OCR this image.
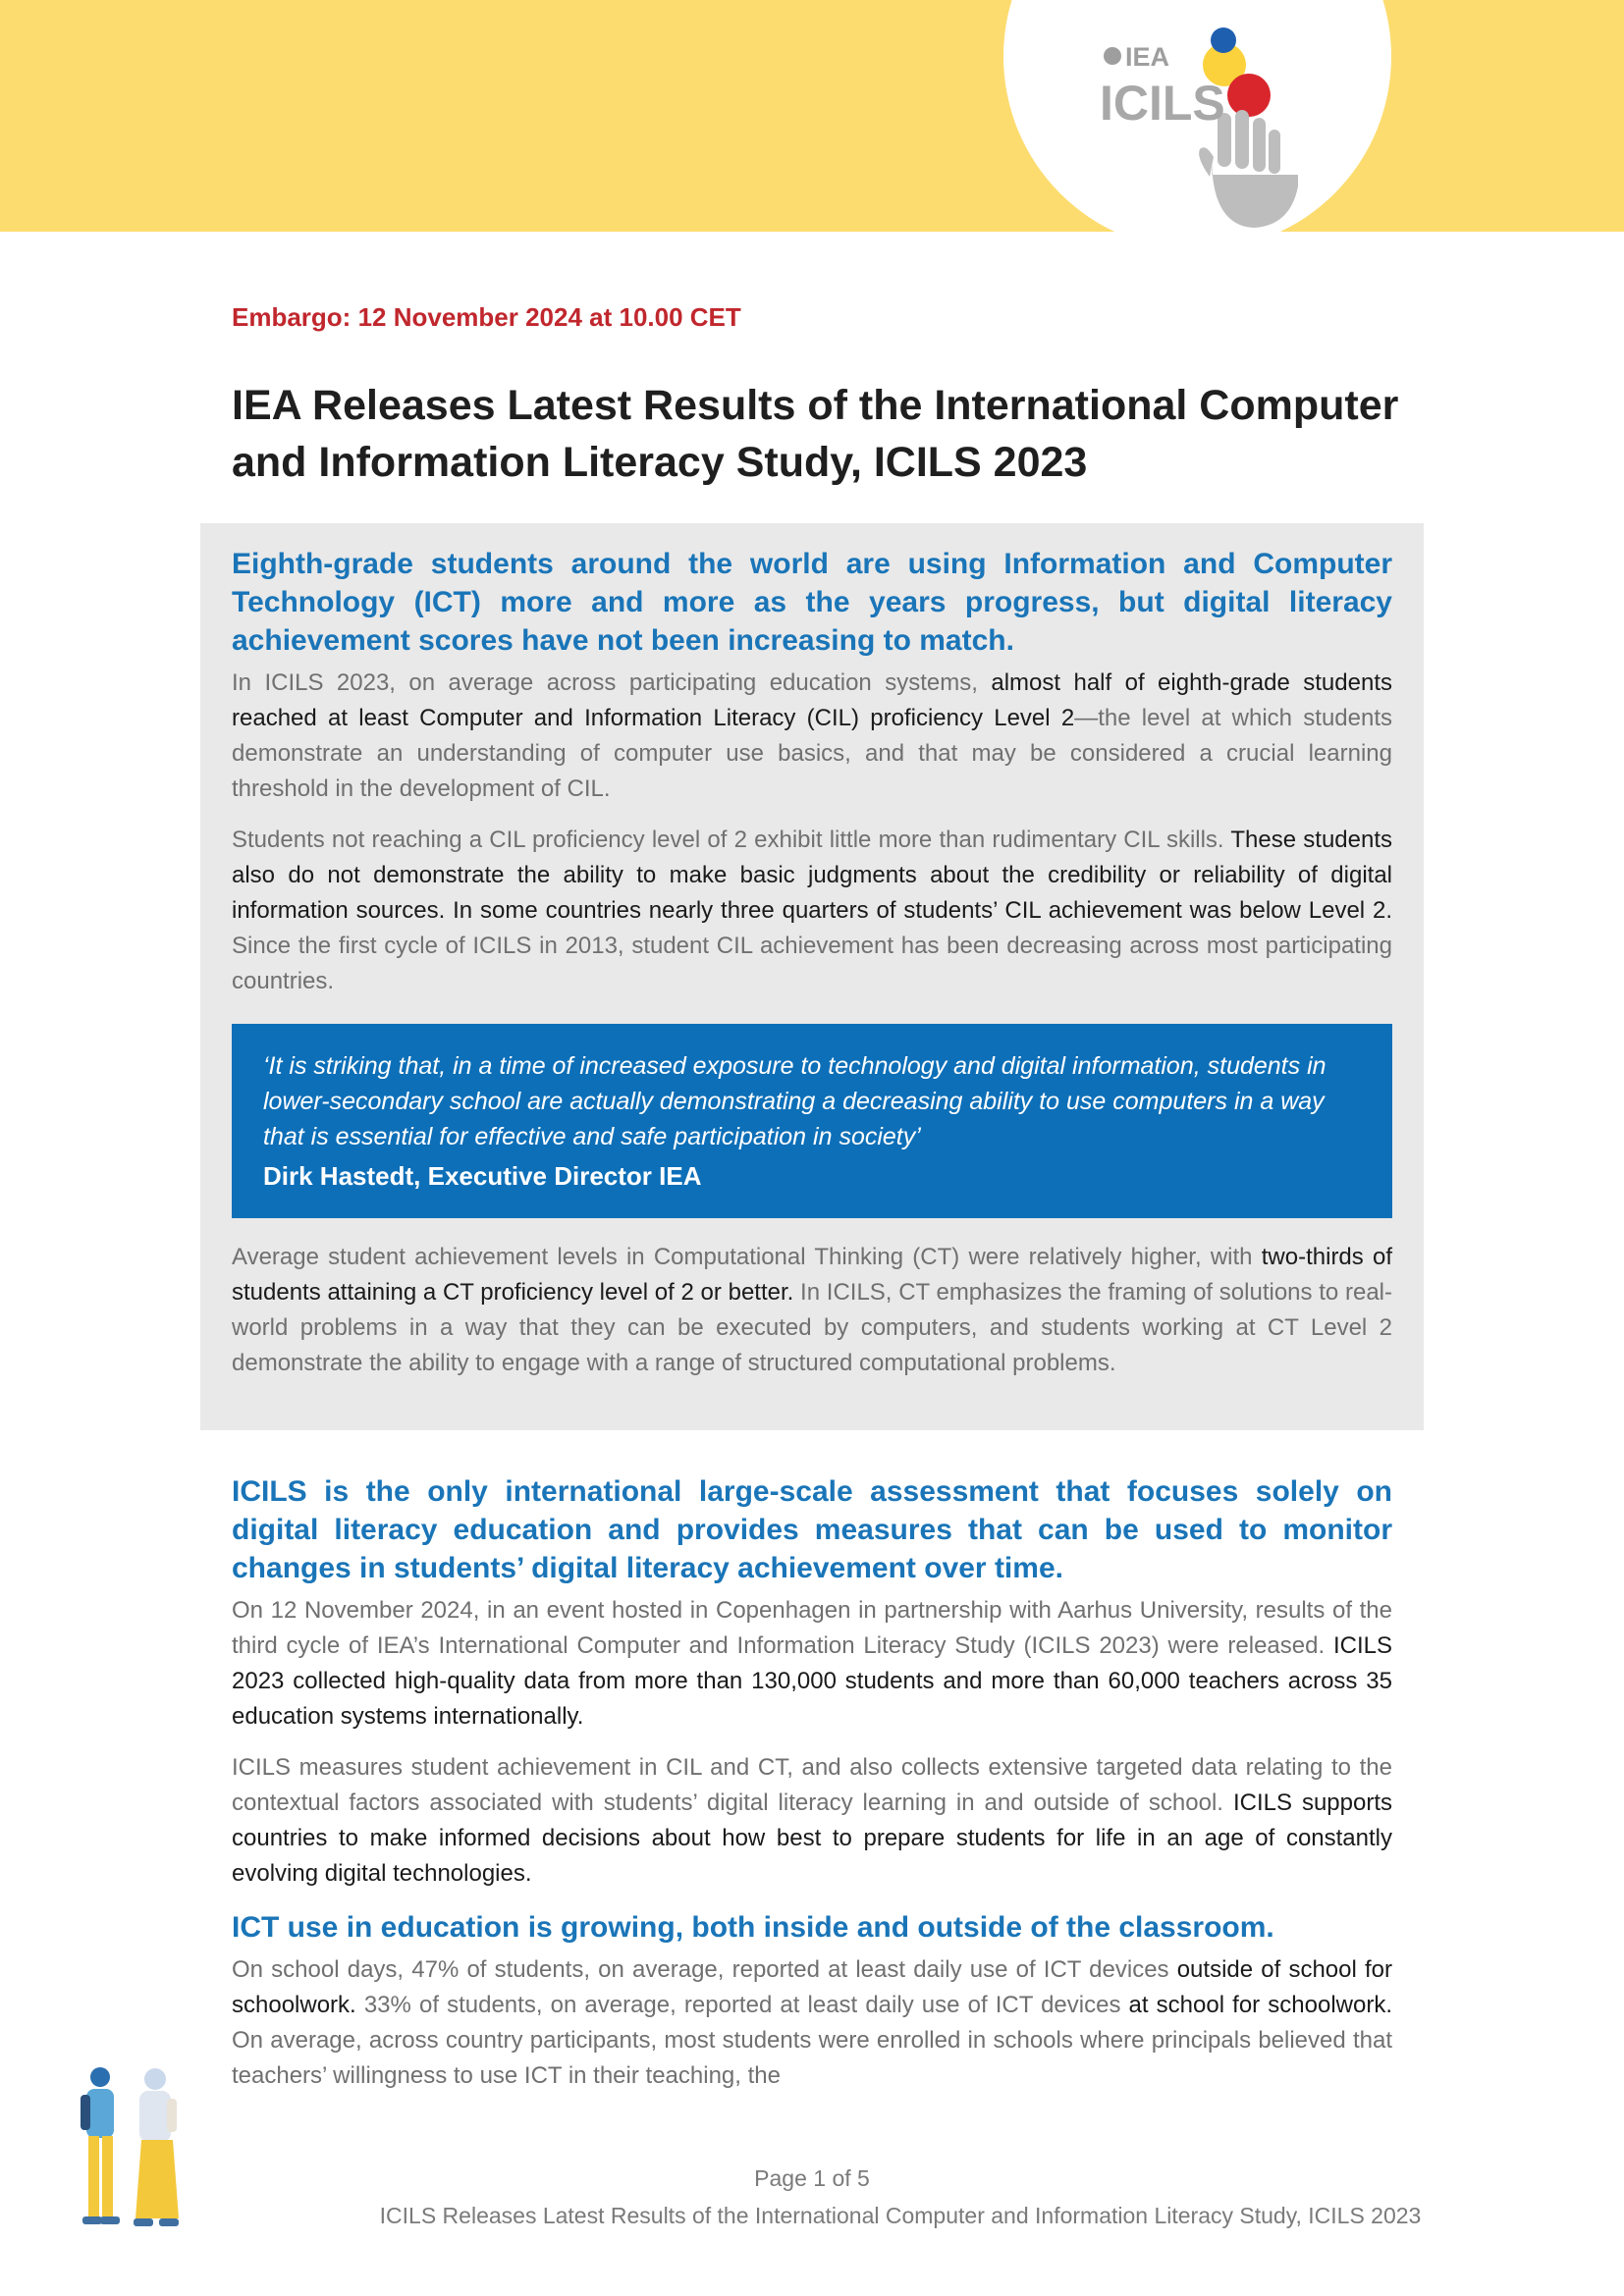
IEA
ICILS
Embargo: 12 November 2024 at 10.00 CET
IEA Releases Latest Results of the International Computer and Information Literacy Study, ICILS 2023
Eighth-grade students around the world are using Information and Computer Technology (ICT) more and more as the years progress, but digital literacy achievement scores have not been increasing to match.

In ICILS 2023, on average across participating education systems, almost half of eighth-grade students reached at least Computer and Information Literacy (CIL) proficiency Level 2—the level at which students demonstrate an understanding of computer use basics, and that may be considered a crucial learning threshold in the development of CIL.

Students not reaching a CIL proficiency level of 2 exhibit little more than rudimentary CIL skills. These students also do not demonstrate the ability to make basic judgments about the credibility or reliability of digital information sources. In some countries nearly three quarters of students’ CIL achievement was below Level 2. Since the first cycle of ICILS in 2013, student CIL achievement has been decreasing across most participating countries.

‘It is striking that, in a time of increased exposure to technology and digital information, students in lower-secondary school are actually demonstrating a decreasing ability to use computers in a way that is essential for effective and safe participation in society’

Dirk Hastedt, Executive Director IEA

Average student achievement levels in Computational Thinking (CT) were relatively higher, with two-thirds of students attaining a CT proficiency level of 2 or better. In ICILS, CT emphasizes the framing of solutions to real-world problems in a way that they can be executed by computers, and students working at CT Level 2 demonstrate the ability to engage with a range of structured computational problems.

ICILS is the only international large-scale assessment that focuses solely on digital literacy education and provides measures that can be used to monitor changes in students’ digital literacy achievement over time.

On 12 November 2024, in an event hosted in Copenhagen in partnership with Aarhus University, results of the third cycle of IEA’s International Computer and Information Literacy Study (ICILS 2023) were released. ICILS 2023 collected high-quality data from more than 130,000 students and more than 60,000 teachers across 35 education systems internationally.

ICILS measures student achievement in CIL and CT, and also collects extensive targeted data relating to the contextual factors associated with students’ digital literacy learning in and outside of school. ICILS supports countries to make informed decisions about how best to prepare students for life in an age of constantly evolving digital technologies.

ICT use in education is growing, both inside and outside of the classroom.

On school days, 47% of students, on average, reported at least daily use of ICT devices outside of school for schoolwork. 33% of students, on average, reported at least daily use of ICT devices at school for schoolwork. On average, across country participants, most students were enrolled in schools where principals believed that teachers’ willingness to use ICT in their teaching, the

Page 1 of 5
ICILS Releases Latest Results of the International Computer and Information Literacy Study, ICILS 2023
